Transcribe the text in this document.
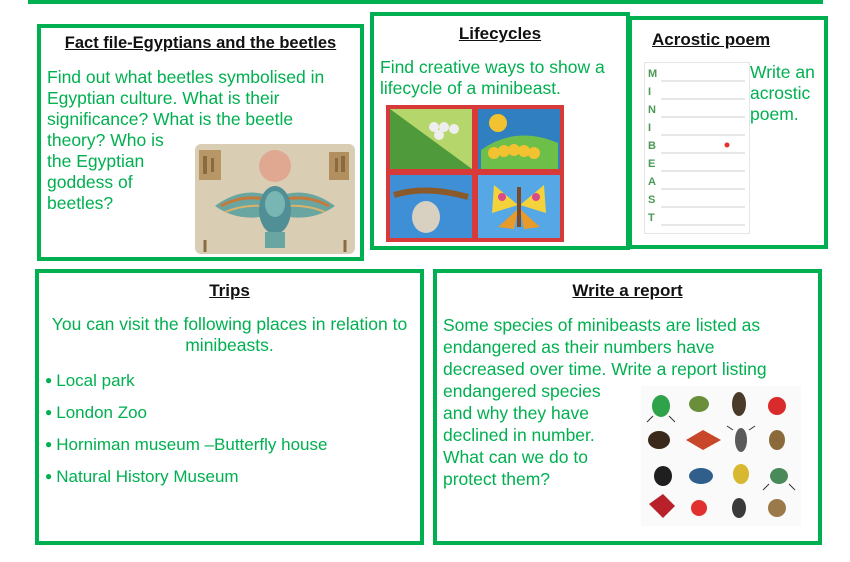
Fact file-Egyptians and the beetles
Find out what beetles symbolised in
Egyptian culture. What is their
significance? What is the beetle
theory? Who is
the Egyptian
goddess of
beetles?
Lifecycles
Find creative ways to show a
lifecycle of a minibeast.
Acrostic poem
M
I
N
I
B
E
A
S
T
Write an
acrostic
poem.
Trips
You can visit the following places in relation to
minibeasts.
● Local park
● London Zoo
● Horniman museum –Butterfly house
● Natural History Museum
Write a report
Some species of minibeasts are listed as
endangered as their numbers have
decreased over time. Write a report listing
endangered species
and why they have
declined in number.
What can we do to
protect them?
